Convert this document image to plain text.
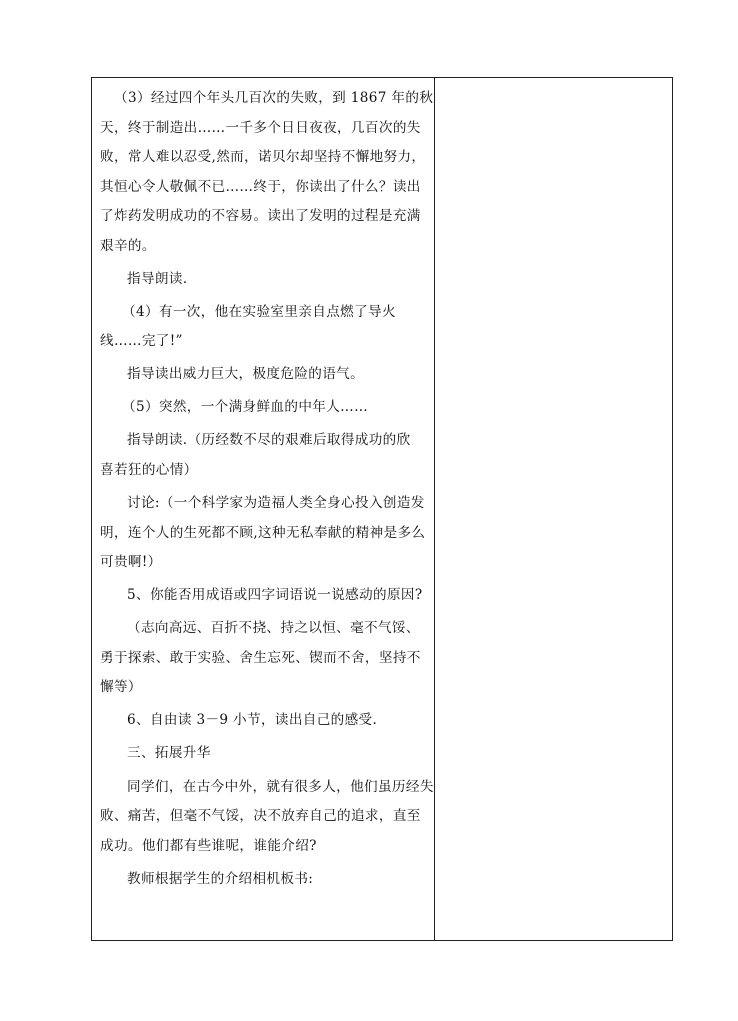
（3）经过四个年头几百次的失败，到 1867 年的秋
天，终于制造出……一千多个日日夜夜，几百次的失
败，常人难以忍受,然而，诺贝尔却坚持不懈地努力，
其恒心令人敬佩不已……终于，你读出了什么？读出
了炸药发明成功的不容易。读出了发明的过程是充满
艰辛的。
指导朗读.
（4）有一次，他在实验室里亲自点燃了导火
线……完了!”
指导读出威力巨大，极度危险的语气。
（5）突然，一个满身鲜血的中年人……
指导朗读.（历经数不尽的艰难后取得成功的欣
喜若狂的心情）
讨论:（一个科学家为造福人类全身心投入创造发
明，连个人的生死都不顾,这种无私奉献的精神是多么
可贵啊!）
5、你能否用成语或四字词语说一说感动的原因?
（志向高远、百折不挠、持之以恒、毫不气馁、
勇于探索、敢于实验、舍生忘死、锲而不舍，坚持不
懈等）
6、自由读 3－9 小节，读出自己的感受.
三、拓展升华
同学们，在古今中外，就有很多人，他们虽历经失
败、痛苦，但毫不气馁，决不放弃自己的追求，直至
成功。他们都有些谁呢，谁能介绍?
教师根据学生的介绍相机板书:
